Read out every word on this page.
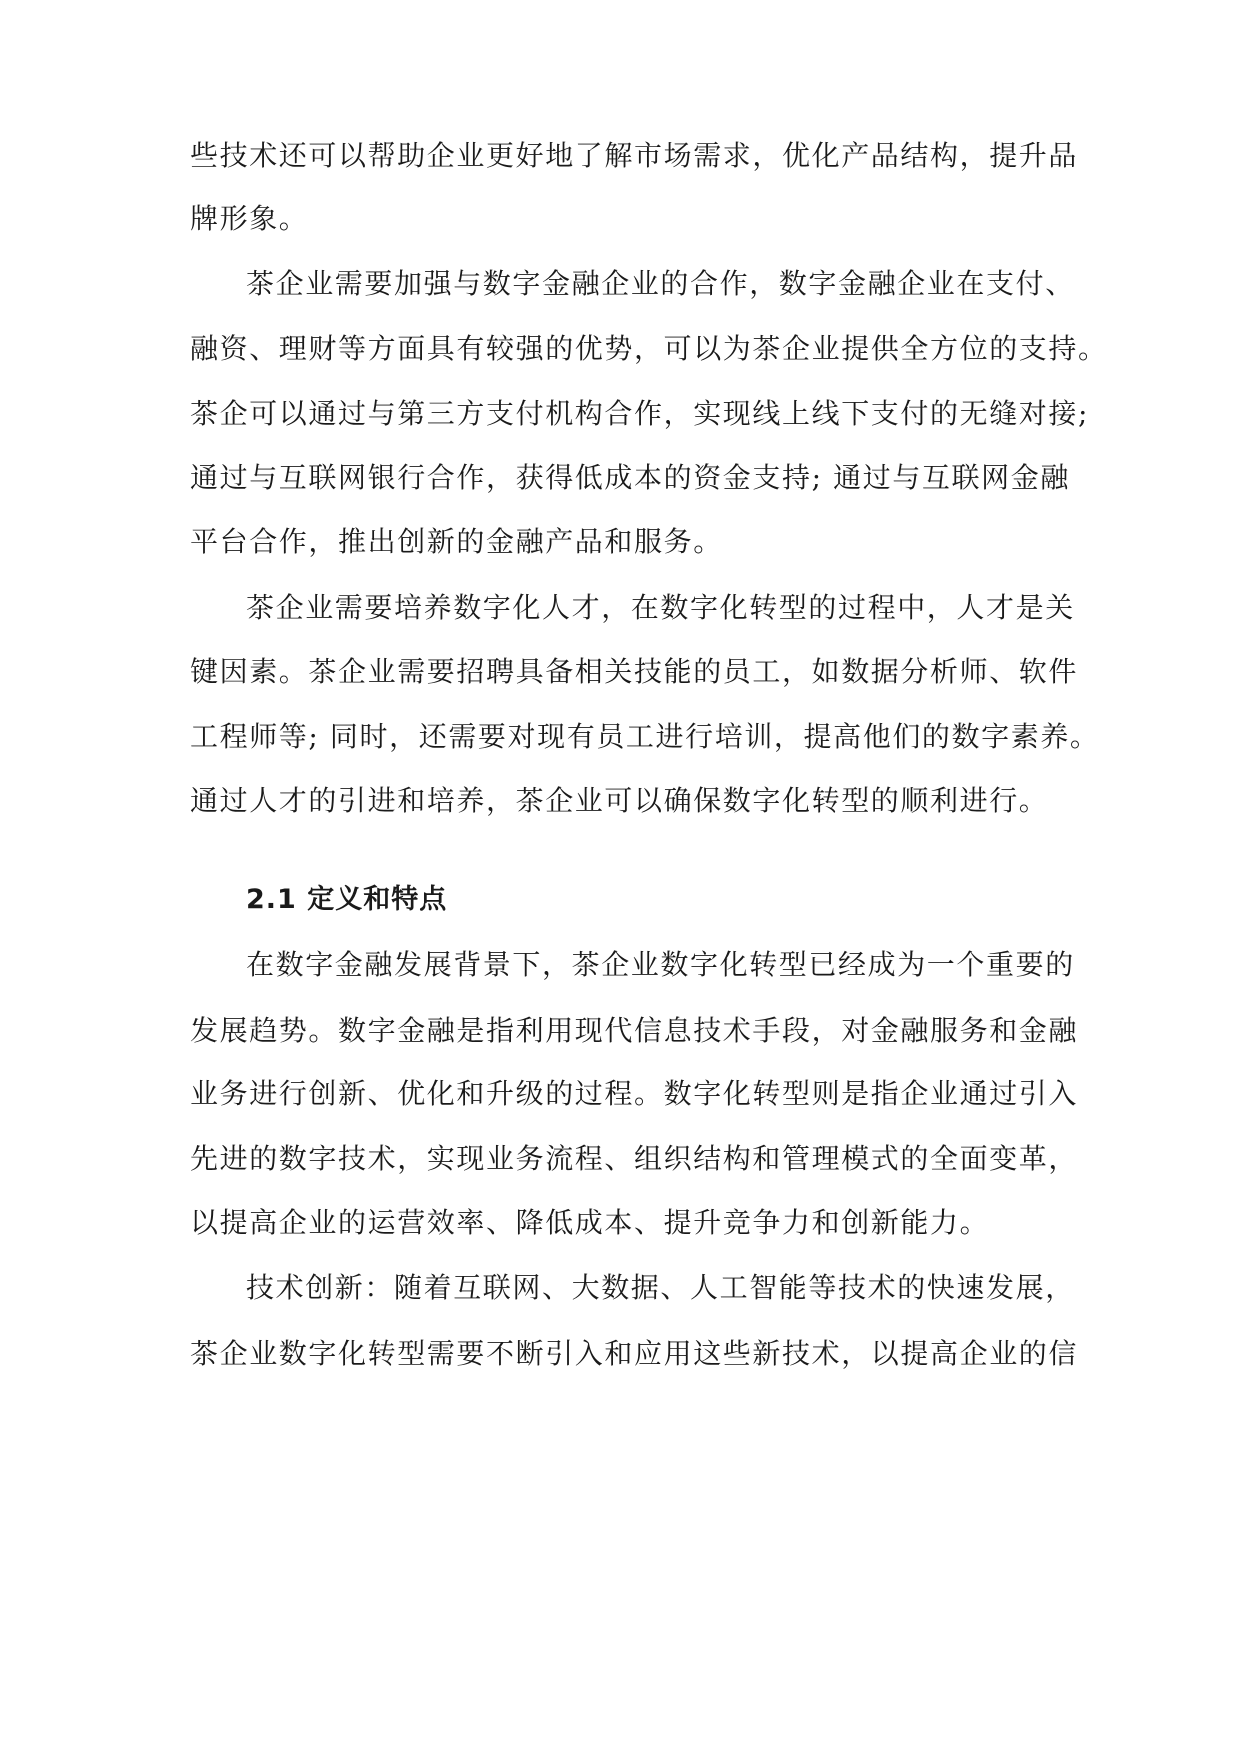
些技术还可以帮助企业更好地了解市场需求，优化产品结构，提升品

牌形象。

茶企业需要加强与数字金融企业的合作，数字金融企业在支付、

融资、理财等方面具有较强的优势，可以为茶企业提供全方位的支持。

茶企可以通过与第三方支付机构合作，实现线上线下支付的无缝对接;

通过与互联网银行合作，获得低成本的资金支持; 通过与互联网金融

平台合作，推出创新的金融产品和服务。

茶企业需要培养数字化人才，在数字化转型的过程中，人才是关

键因素。茶企业需要招聘具备相关技能的员工，如数据分析师、软件

工程师等; 同时，还需要对现有员工进行培训，提高他们的数字素养。

通过人才的引进和培养，茶企业可以确保数字化转型的顺利进行。

2.1 定义和特点

在数字金融发展背景下，茶企业数字化转型已经成为一个重要的

发展趋势。数字金融是指利用现代信息技术手段，对金融服务和金融

业务进行创新、优化和升级的过程。数字化转型则是指企业通过引入

先进的数字技术，实现业务流程、组织结构和管理模式的全面变革，

以提高企业的运营效率、降低成本、提升竞争力和创新能力。

技术创新：随着互联网、大数据、人工智能等技术的快速发展，

茶企业数字化转型需要不断引入和应用这些新技术，以提高企业的信
